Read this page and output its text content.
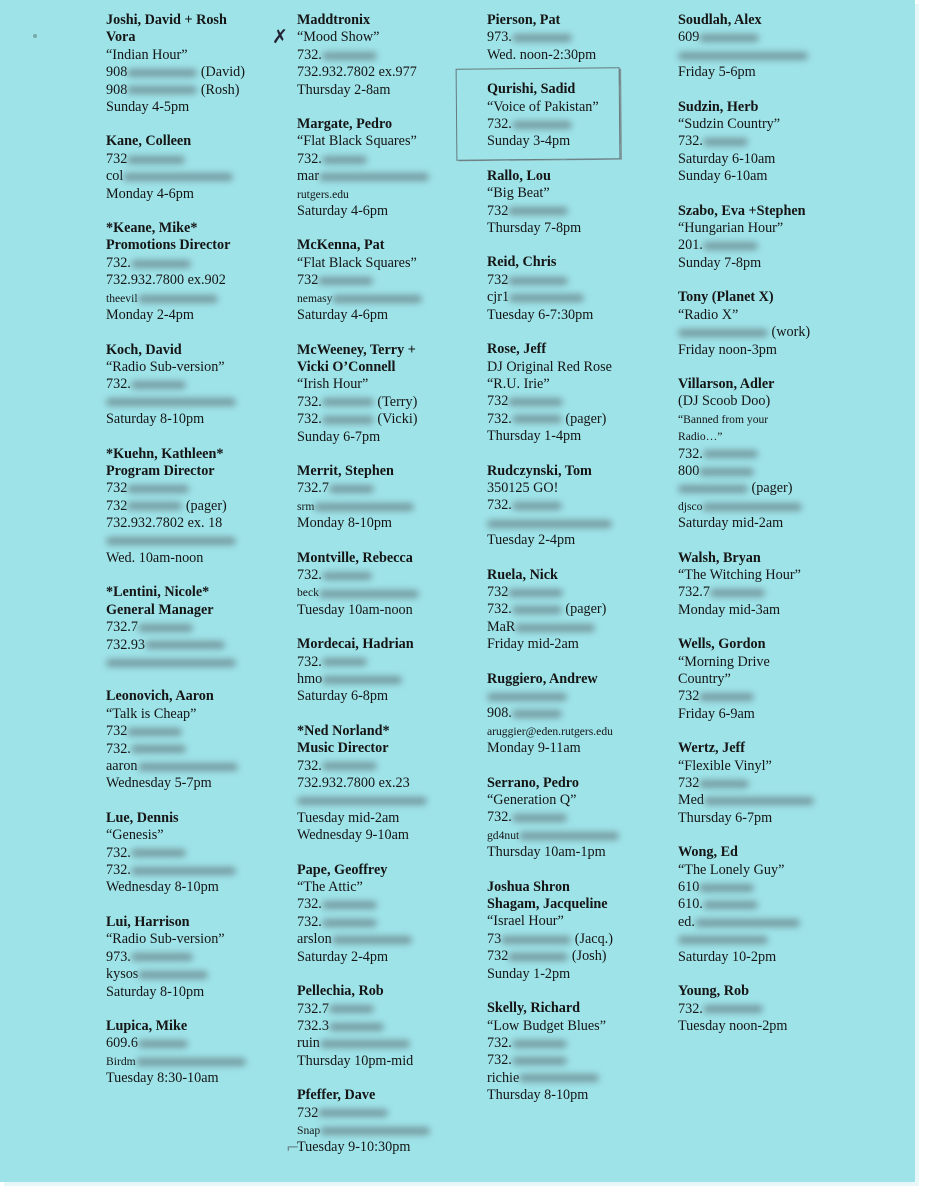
✗
⌐
Joshi, David + Rosh
Vora
“Indian Hour”
908	(David)
908	(Rosh)
Sunday 4-5pm
Kane, Colleen
732
col
Monday 4-6pm
*Keane, Mike*
Promotions Director
732.
732.932.7800 ex.902
theevil
Monday 2-4pm
Koch, David
“Radio Sub-version”
732.
Saturday 8-10pm
*Kuehn, Kathleen*
Program Director
732
732	(pager)
732.932.7802 ex. 18
Wed. 10am-noon
*Lentini, Nicole*
General Manager
732.7
732.93
Leonovich, Aaron
“Talk is Cheap”
732
732.
aaron
Wednesday 5-7pm
Lue, Dennis
“Genesis”
732.
732.
Wednesday 8-10pm
Lui, Harrison
“Radio Sub-version”
973.
kysos
Saturday 8-10pm
Lupica, Mike
609.6
Birdm
Tuesday 8:30-10am
Maddtronix
“Mood Show”
732.
732.932.7802 ex.977
Thursday 2-8am
Margate, Pedro
“Flat Black Squares”
732.
mar
rutgers.edu
Saturday 4-6pm
McKenna, Pat
“Flat Black Squares”
732
nemasy
Saturday 4-6pm
McWeeney, Terry +
Vicki O’Connell
“Irish Hour”
732.	(Terry)
732.	(Vicki)
Sunday 6-7pm
Merrit, Stephen
732.7
srm
Monday 8-10pm
Montville, Rebecca
732.
beck
Tuesday 10am-noon
Mordecai, Hadrian
732.
hmo
Saturday 6-8pm
*Ned Norland*
Music Director
732.
732.932.7800 ex.23
Tuesday mid-2am
Wednesday 9-10am
Pape, Geoffrey
“The Attic”
732.
732.
arslon
Saturday 2-4pm
Pellechia, Rob
732.7
732.3
ruin
Thursday 10pm-mid
Pfeffer, Dave
732
Snap
Tuesday 9-10:30pm
Pierson, Pat
973.
Wed. noon-2:30pm
Qurishi, Sadid
“Voice of Pakistan”
732.
Sunday 3-4pm
Rallo, Lou
“Big Beat”
732
Thursday 7-8pm
Reid, Chris
732
cjr1
Tuesday 6-7:30pm
Rose, Jeff
DJ Original Red Rose
“R.U. Irie”
732
732.	(pager)
Thursday 1-4pm
Rudczynski, Tom
350125 GO!
732.
Tuesday 2-4pm
Ruela, Nick
732
732.	(pager)
MaR
Friday mid-2am
Ruggiero, Andrew
908.
aruggier@eden.rutgers.edu
Monday 9-11am
Serrano, Pedro
“Generation Q”
732.
gd4nut
Thursday 10am-1pm
Joshua Shron
Shagam, Jacqueline
“Israel Hour”
73	(Jacq.)
732	(Josh)
Sunday 1-2pm
Skelly, Richard
“Low Budget Blues”
732.
732.
richie
Thursday 8-10pm
Soudlah, Alex
609
Friday 5-6pm
Sudzin, Herb
“Sudzin Country”
732.
Saturday 6-10am
Sunday 6-10am
Szabo, Eva +Stephen
“Hungarian Hour”
201.
Sunday 7-8pm
Tony (Planet X)
“Radio X”
(work)
Friday noon-3pm
Villarson, Adler
(DJ Scoob Doo)
“Banned from your
Radio…”
732.
800
(pager)
djsco
Saturday mid-2am
Walsh, Bryan
“The Witching Hour”
732.7
Monday mid-3am
Wells, Gordon
“Morning Drive
Country”
732
Friday 6-9am
Wertz, Jeff
“Flexible Vinyl”
732
Med
Thursday 6-7pm
Wong, Ed
“The Lonely Guy”
610
610.
ed.
Saturday 10-2pm
Young, Rob
732.
Tuesday noon-2pm
